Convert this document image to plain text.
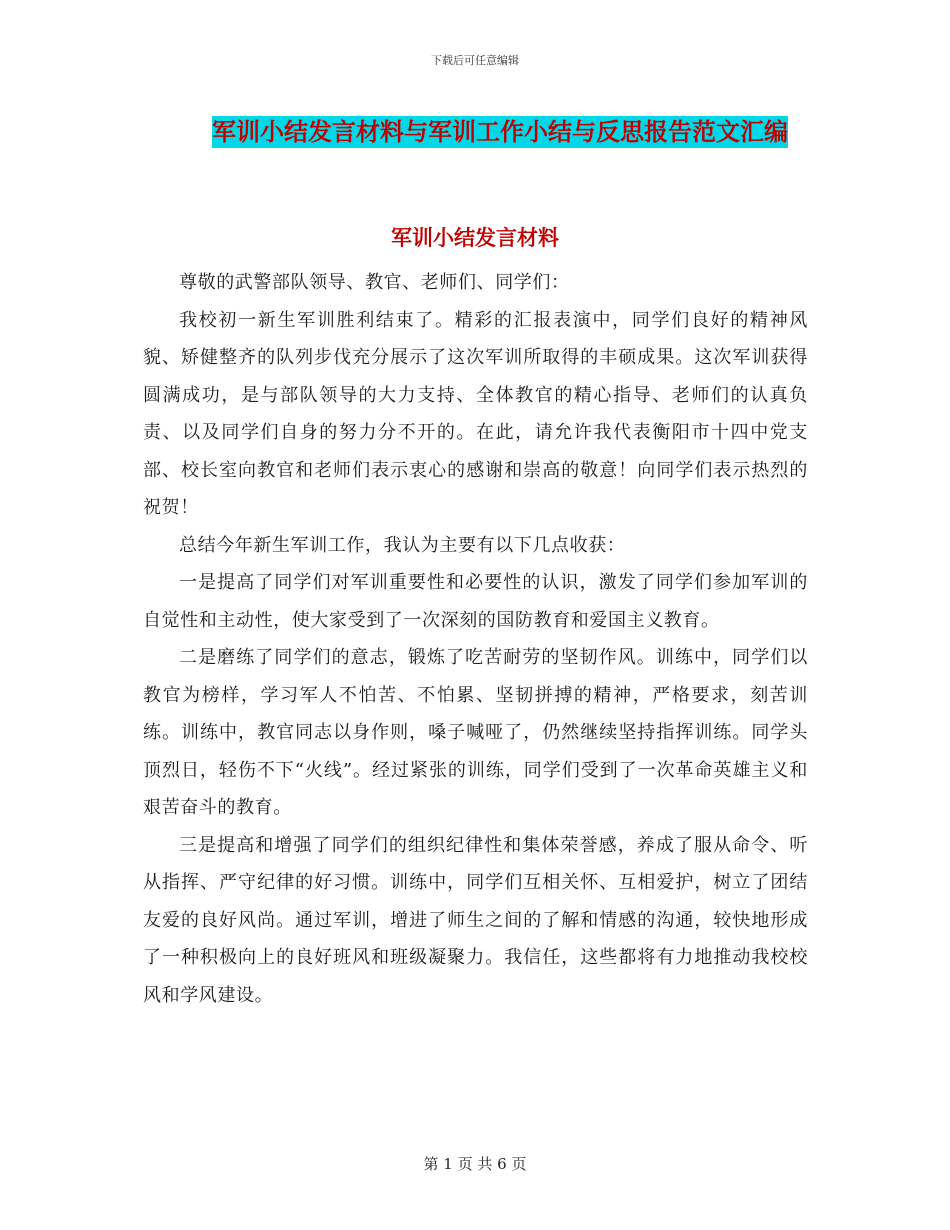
下载后可任意编辑
军训小结发言材料与军训工作小结与反思报告范文汇编
军训小结发言材料

尊敬的武警部队领导、教官、老师们、同学们：

我校初一新生军训胜利结束了。精彩的汇报表演中，同学们良好的精神风貌、矫健整齐的队列步伐充分展示了这次军训所取得的丰硕成果。这次军训获得圆满成功，是与部队领导的大力支持、全体教官的精心指导、老师们的认真负责、以及同学们自身的努力分不开的。在此，请允许我代表衡阳市十四中党支部、校长室向教官和老师们表示衷心的感谢和崇高的敬意！向同学们表示热烈的祝贺！

总结今年新生军训工作，我认为主要有以下几点收获：

一是提高了同学们对军训重要性和必要性的认识，激发了同学们参加军训的自觉性和主动性，使大家受到了一次深刻的国防教育和爱国主义教育。

二是磨练了同学们的意志，锻炼了吃苦耐劳的坚韧作风。训练中，同学们以教官为榜样，学习军人不怕苦、不怕累、坚韧拼搏的精神，严格要求，刻苦训练。训练中，教官同志以身作则，嗓子喊哑了，仍然继续坚持指挥训练。同学头顶烈日，轻伤不下“火线”。经过紧张的训练，同学们受到了一次革命英雄主义和艰苦奋斗的教育。

三是提高和增强了同学们的组织纪律性和集体荣誉感，养成了服从命令、听从指挥、严守纪律的好习惯。训练中，同学们互相关怀、互相爱护，树立了团结友爱的良好风尚。通过军训，增进了师生之间的了解和情感的沟通，较快地形成了一种积极向上的良好班风和班级凝聚力。我信任，这些都将有力地推动我校校风和学风建设。

第 1 页 共 6 页
